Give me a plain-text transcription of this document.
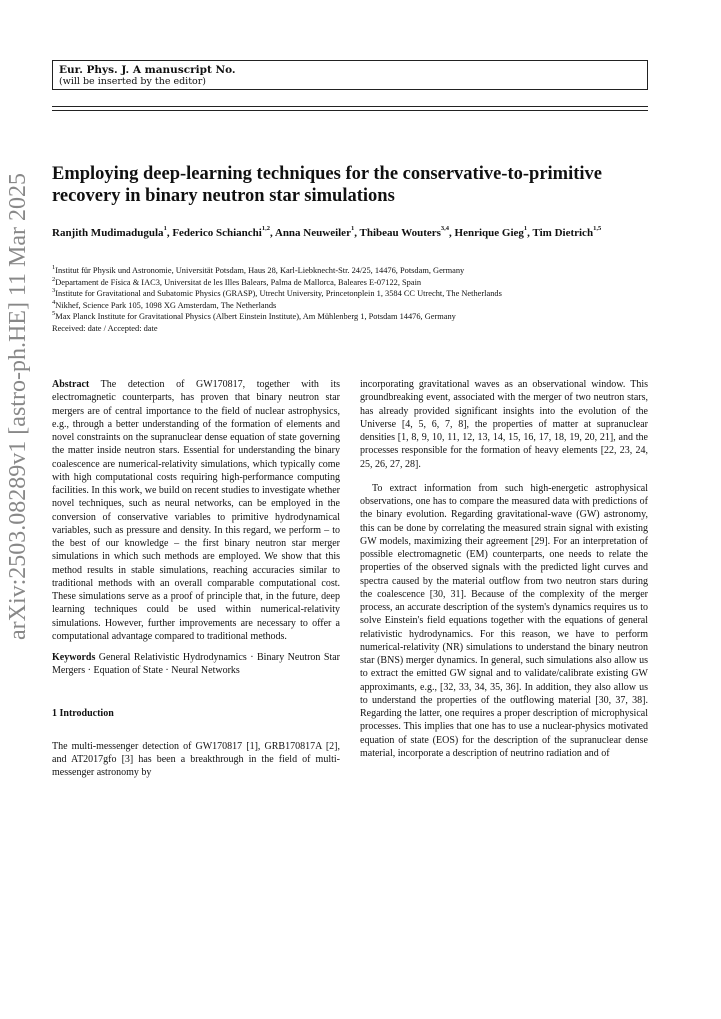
Eur. Phys. J. A manuscript No.
(will be inserted by the editor)
arXiv:2503.08289v1 [astro-ph.HE] 11 Mar 2025 Employing deep-learning techniques for the conservative-to-primitive recovery in binary neutron star simulations
Ranjith Mudimadugula$^1$, Federico Schianchi$^{1,2}$, Anna Neuweiler$^1$, Thibeau Wouters$^{3,4}$, Henrique Gieg$^1$, Tim Dietrich$^{1,5}$
$^1$Institut für Physik und Astronomie, Universität Potsdam, Haus 28, Karl-Liebknecht-Str. 24/25, 14476, Potsdam, Germany
$^2$Departament de Física & IAC3, Universitat de les Illes Balears, Palma de Mallorca, Baleares E-07122, Spain
$^3$Institute for Gravitational and Subatomic Physics (GRASP), Utrecht University, Princetonplein 1, 3584 CC Utrecht, The Netherlands
$^4$Nikhef, Science Park 105, 1098 XG Amsterdam, The Netherlands
$^5$Max Planck Institute for Gravitational Physics (Albert Einstein Institute), Am Mühlenberg 1, Potsdam 14476, Germany
Received: date / Accepted: date

Abstract The detection of GW170817, together with its electromagnetic counterparts, has proven that binary neutron star mergers are of central importance to the field of nuclear astrophysics, e.g., through a better understanding of the formation of elements and novel constraints on the supranuclear dense equation of state governing the matter inside neutron stars. Essential for understanding the binary coalescence are numerical-relativity simulations, which typically come with high computational costs requiring high-performance computing facilities. In this work, we build on recent studies to investigate whether novel techniques, such as neural networks, can be employed in the conversion of conservative variables to primitive hydrodynamical variables, such as pressure and density. In this regard, we perform – to the best of our knowledge – the first binary neutron star merger simulations in which such methods are employed. We show that this method results in stable simulations, reaching accuracies similar to traditional methods with an overall comparable computational cost. These simulations serve as a proof of principle that, in the future, deep learning techniques could be used within numerical-relativity simulations. However, further improvements are necessary to offer a computational advantage compared to traditional methods.

Keywords General Relativistic Hydrodynamics · Binary Neutron Star Mergers · Equation of State · Neural Networks

1 Introduction

The multi-messenger detection of GW170817 [1], GRB170817A [2], and AT2017gfo [3] has been a breakthrough in the field of multi-messenger astronomy by

incorporating gravitational waves as an observational window. This groundbreaking event, associated with the merger of two neutron stars, has already provided significant insights into the evolution of the Universe [4, 5, 6, 7, 8], the properties of matter at supranuclear densities [1, 8, 9, 10, 11, 12, 13, 14, 15, 16, 17, 18, 19, 20, 21], and the processes responsible for the formation of heavy elements [22, 23, 24, 25, 26, 27, 28].

To extract information from such high-energetic astrophysical observations, one has to compare the measured data with predictions of the binary evolution. Regarding gravitational-wave (GW) astronomy, this can be done by correlating the measured strain signal with existing GW models, maximizing their agreement [29]. For an interpretation of possible electromagnetic (EM) counterparts, one needs to relate the properties of the observed signals with the predicted light curves and spectra caused by the material outflow from two neutron stars during the coalescence [30, 31]. Because of the complexity of the merger process, an accurate description of the system's dynamics requires us to solve Einstein's field equations together with the equations of general relativistic hydrodynamics. For this reason, we have to perform numerical-relativity (NR) simulations to understand the binary neutron star (BNS) merger dynamics. In general, such simulations also allow us to extract the emitted GW signal and to validate/calibrate existing GW approximants, e.g., [32, 33, 34, 35, 36]. In addition, they also allow us to understand the properties of the outflowing material [30, 37, 38]. Regarding the latter, one requires a proper description of microphysical processes. This implies that one has to use a nuclear-physics motivated equation of state (EOS) for the description of the supranuclear dense material, incorporate a description of neutrino radiation and of
